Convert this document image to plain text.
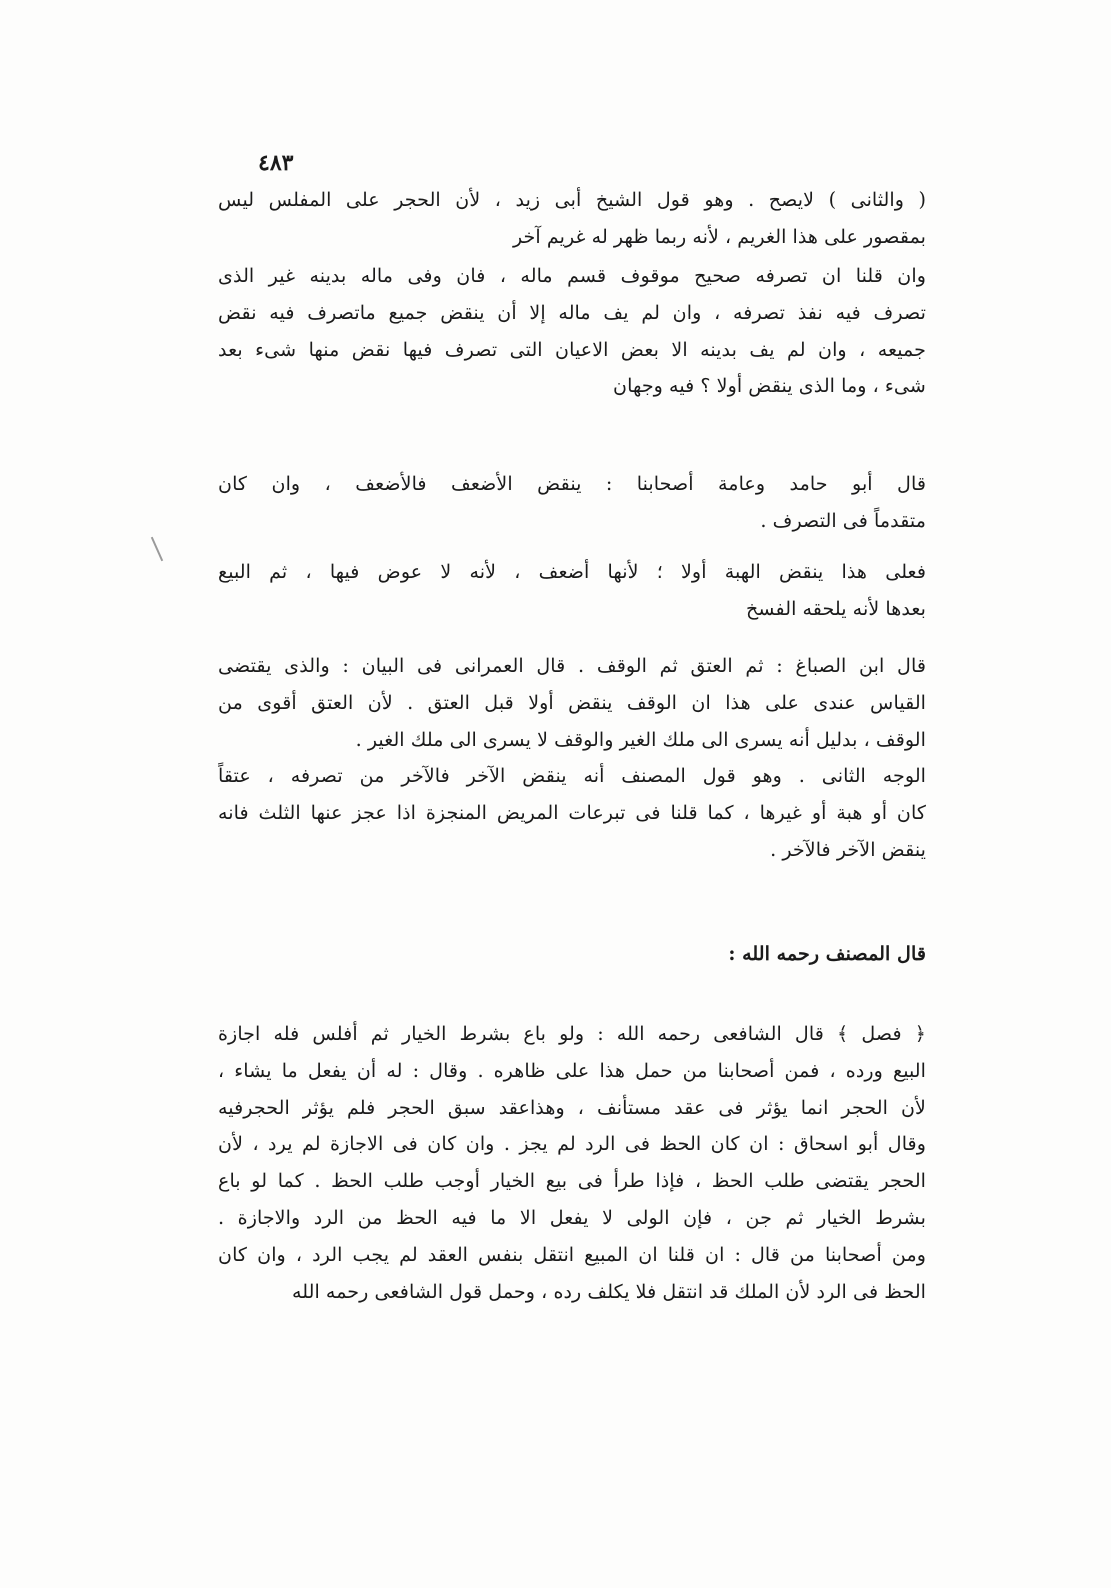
٤٨٣
( والثانى ) لايصح . وهو قول الشيخ أبى زيد ، لأن الحجر على المفلس ليس
بمقصور على هذا الغريم ، لأنه ربما ظهر له غريم آخر
وان قلنا ان تصرفه صحيح موقوف قسم ماله ، فان وفى ماله بدينه غير الذى
تصرف فيه نفذ تصرفه ، وان لم يف ماله إلا أن ينقض جميع ماتصرف فيه نقض
جميعه ، وان لم يف بدينه الا بعض الاعيان التى تصرف فيها نقض منها شىء بعد
شىء ، وما الذى ينقض أولا ؟ فيه وجهان
قال أبو حامد وعامة أصحابنا : ينقض الأضعف فالأضعف ، وان كان
متقدماً فى التصرف .
فعلى هذا ينقض الهبة أولا ؛ لأنها أضعف ، لأنه لا عوض فيها ، ثم البيع
بعدها لأنه يلحقه الفسخ
قال ابن الصباغ : ثم العتق ثم الوقف . قال العمرانى فى البيان : والذى يقتضى
القياس عندى على هذا ان الوقف ينقض أولا قبل العتق . لأن العتق أقوى من
الوقف ، بدليل أنه يسرى الى ملك الغير والوقف لا يسرى الى ملك الغير .
الوجه الثانى . وهو قول المصنف أنه ينقض الآخر فالآخر من تصرفه ، عتقاً
كان أو هبة أو غيرها ، كما قلنا فى تبرعات المريض المنجزة اذا عجز عنها الثلث فانه
ينقض الآخر فالآخر .
قال المصنف رحمه الله :
﴿ فصل ﴾ قال الشافعى رحمه الله : ولو باع بشرط الخيار ثم أفلس فله اجازة
البيع ورده ، فمن أصحابنا من حمل هذا على ظاهره . وقال : له أن يفعل ما يشاء ،
لأن الحجر انما يؤثر فى عقد مستأنف ، وهذاعقد سبق الحجر فلم يؤثر الحجرفيه
وقال أبو اسحاق : ان كان الحظ فى الرد لم يجز . وان كان فى الاجازة لم يرد ، لأن
الحجر يقتضى طلب الحظ ، فإذا طرأ فى بيع الخيار أوجب طلب الحظ . كما لو باع
بشرط الخيار ثم جن ، فإن الولى لا يفعل الا ما فيه الحظ من الرد والاجازة .
ومن أصحابنا من قال : ان قلنا ان المبيع انتقل بنفس العقد لم يجب الرد ، وان كان
الحظ فى الرد لأن الملك قد انتقل فلا يكلف رده ، وحمل قول الشافعى رحمه الله
